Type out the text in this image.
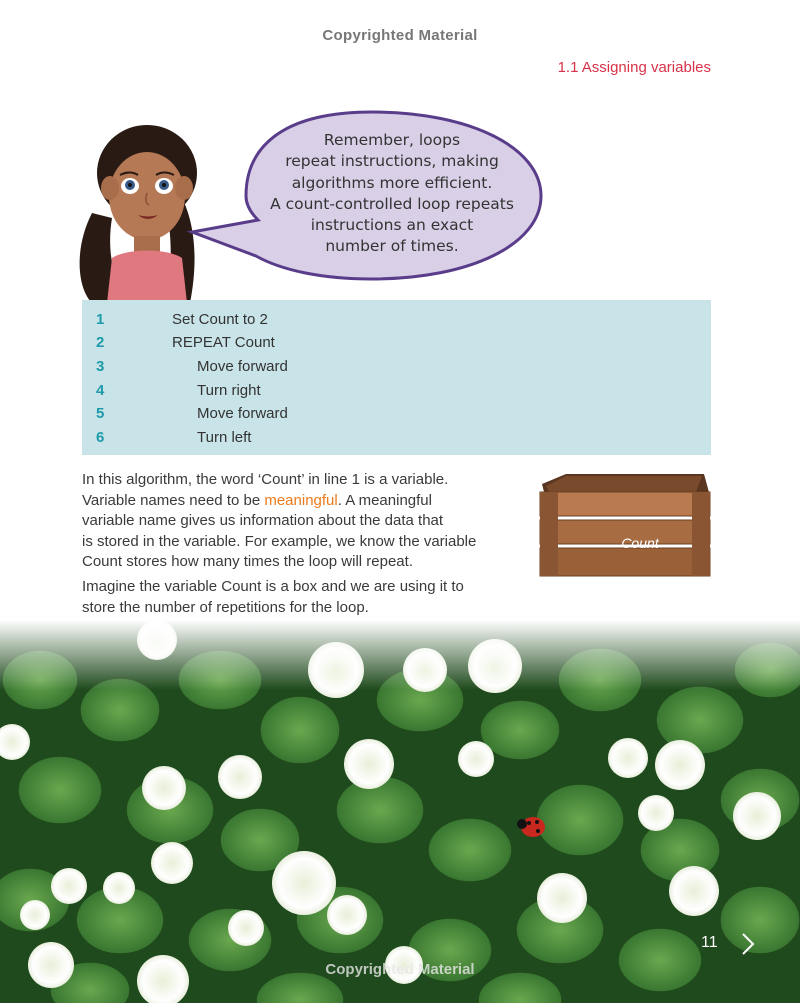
Copyrighted Material
1.1 Assigning variables
Remember, loops
repeat instructions, making
algorithms more efficient.
A count-controlled loop repeats
instructions an exact
number of times.
1	Set Count to 2
2	REPEAT Count
3	Move forward
4	Turn right
5	Move forward
6	Turn left
In this algorithm, the word ‘Count’ in line 1 is a variable.
Variable names need to be meaningful. A meaningful
variable name gives us information about the data that
is stored in the variable. For example, we know the variable
Count stores how many times the loop will repeat.
Imagine the variable Count is a box and we are using it to
store the number of repetitions for the loop.
Count
11
Copyrighted Material
